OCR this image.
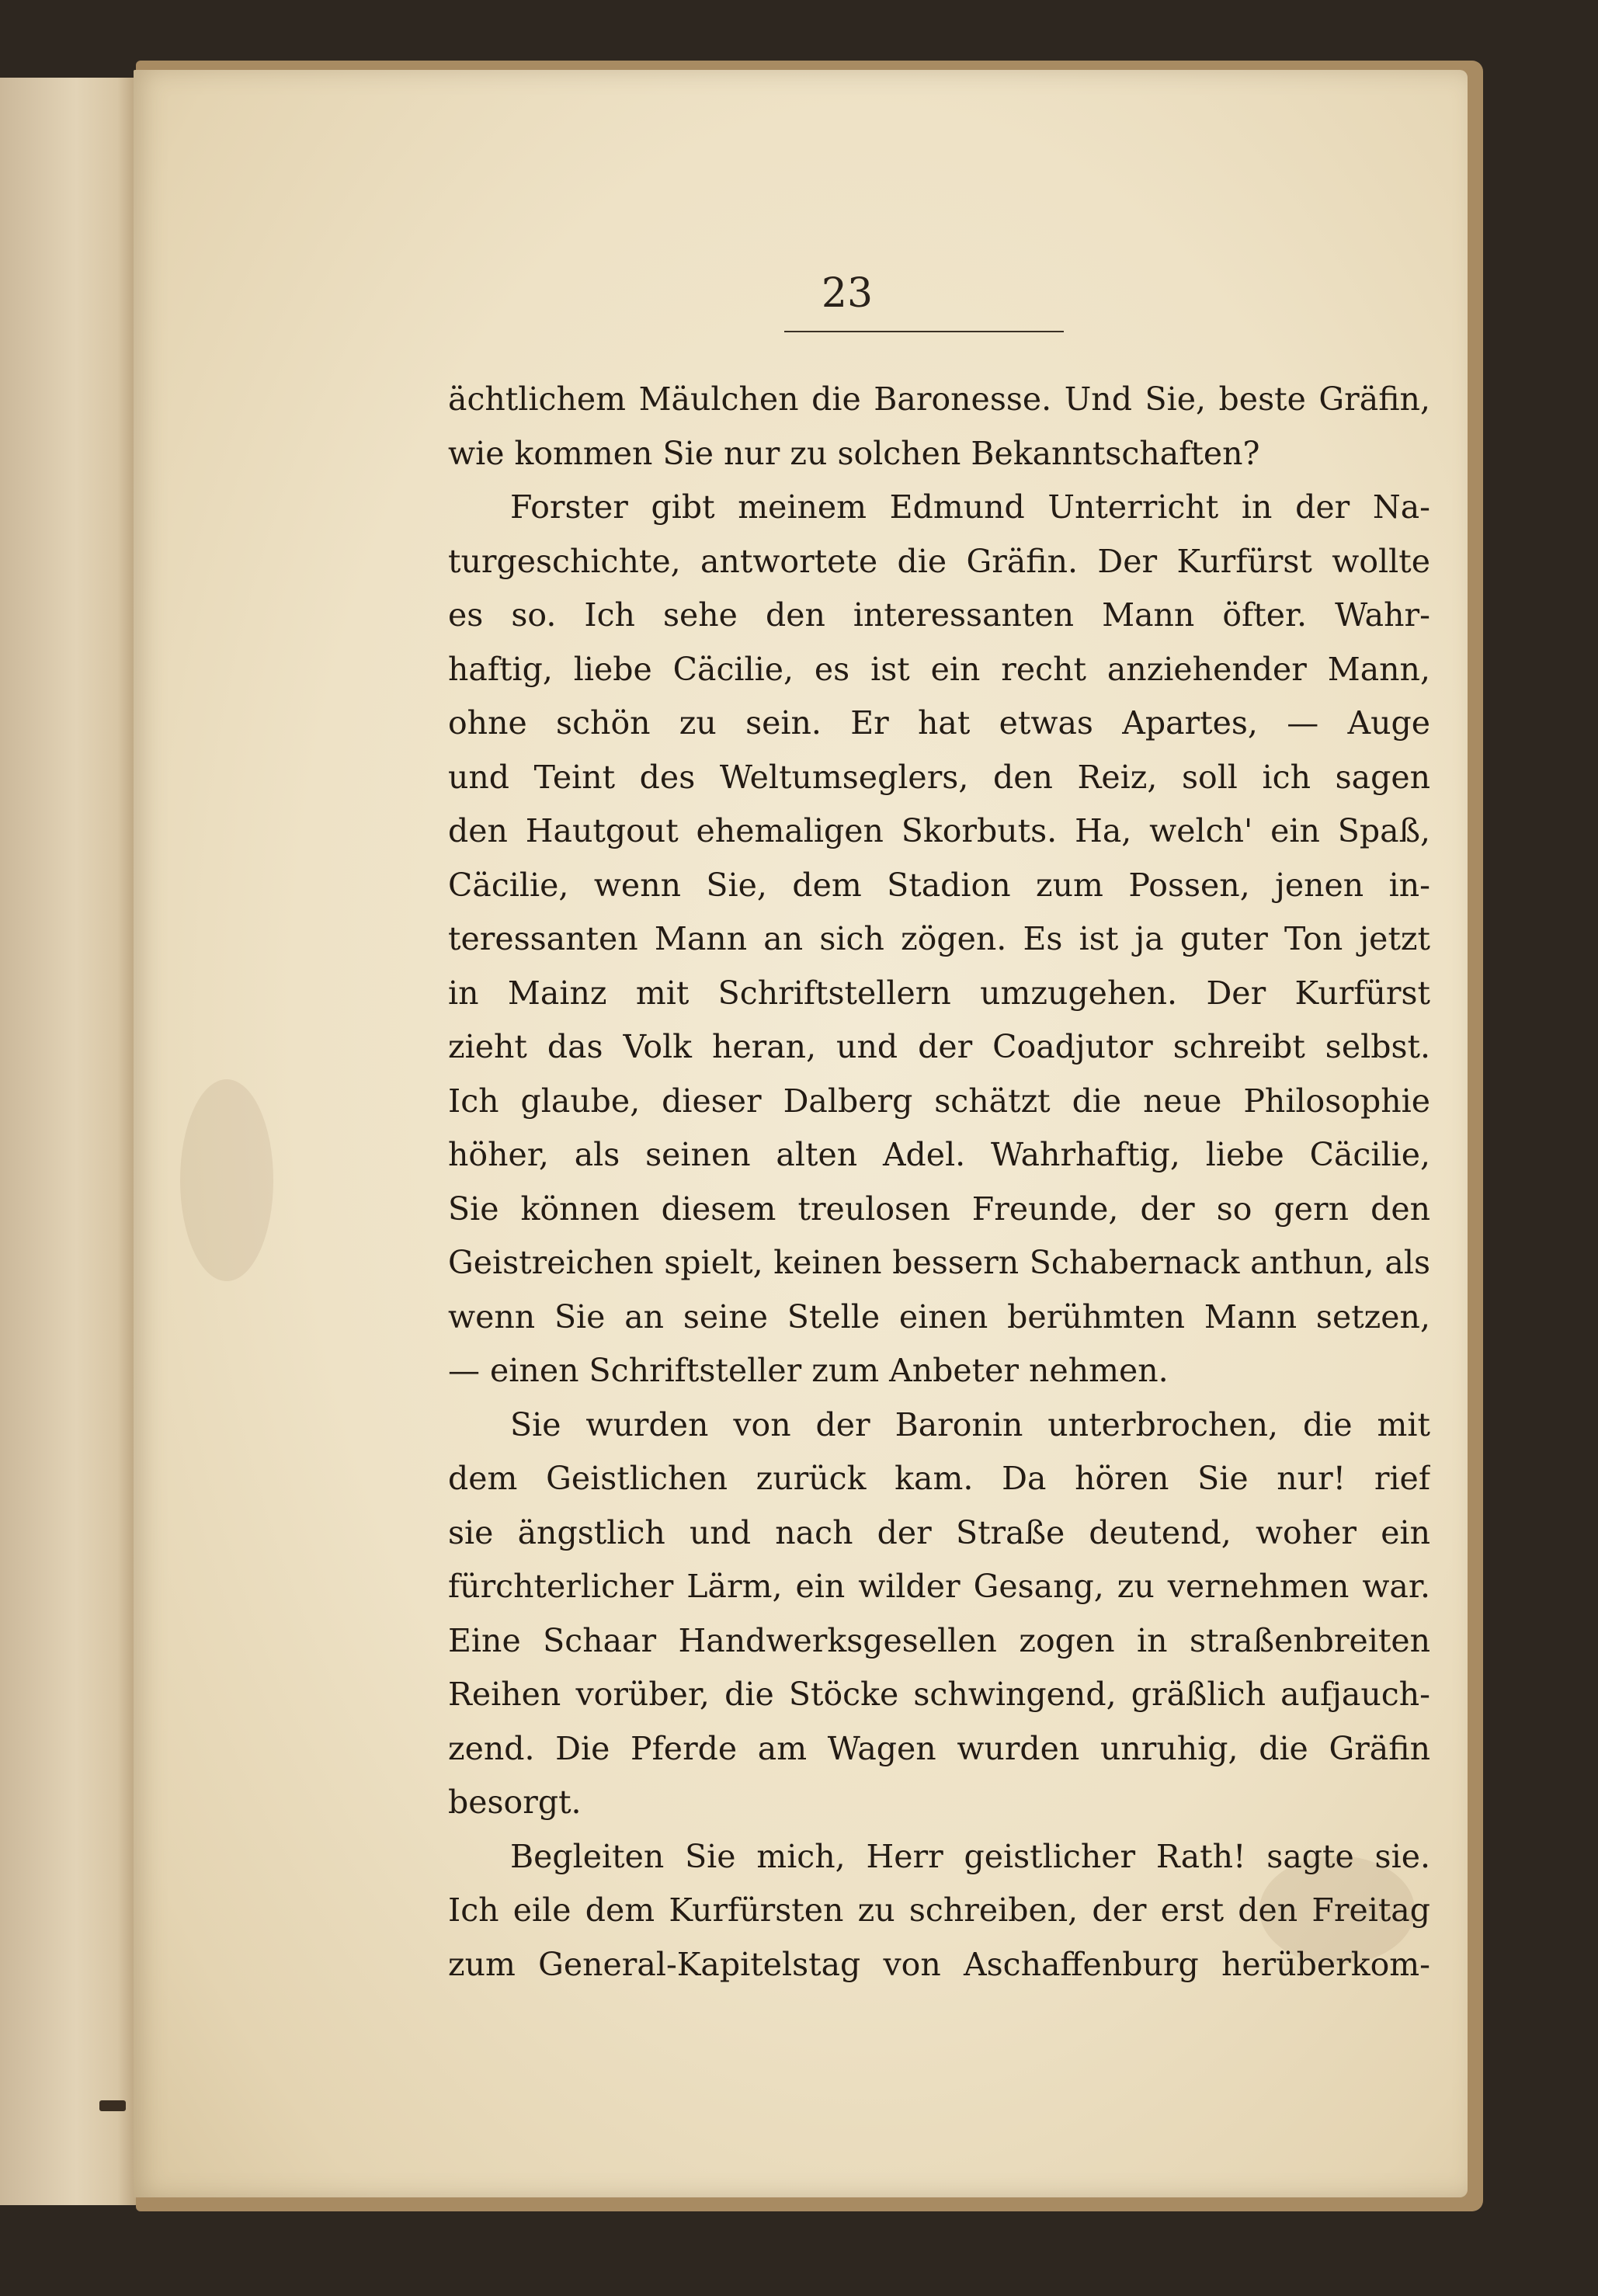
23
ächtlichem Mäulchen die Baronesse. Und Sie, beste Gräfin,
wie kommen Sie nur zu solchen Bekanntschaften?
Forster gibt meinem Edmund Unterricht in der Na-
turgeschichte, antwortete die Gräfin. Der Kurfürst wollte
es so. Ich sehe den interessanten Mann öfter. Wahr-
haftig, liebe Cäcilie, es ist ein recht anziehender Mann,
ohne schön zu sein. Er hat etwas Apartes, — Auge
und Teint des Weltumseglers, den Reiz, soll ich sagen
den Hautgout ehemaligen Skorbuts. Ha, welch' ein Spaß,
Cäcilie, wenn Sie, dem Stadion zum Possen, jenen in-
teressanten Mann an sich zögen. Es ist ja guter Ton jetzt
in Mainz mit Schriftstellern umzugehen. Der Kurfürst
zieht das Volk heran, und der Coadjutor schreibt selbst.
Ich glaube, dieser Dalberg schätzt die neue Philosophie
höher, als seinen alten Adel. Wahrhaftig, liebe Cäcilie,
Sie können diesem treulosen Freunde, der so gern den
Geistreichen spielt, keinen bessern Schabernack anthun, als
wenn Sie an seine Stelle einen berühmten Mann setzen,
— einen Schriftsteller zum Anbeter nehmen.
Sie wurden von der Baronin unterbrochen, die mit
dem Geistlichen zurück kam. Da hören Sie nur! rief
sie ängstlich und nach der Straße deutend, woher ein
fürchterlicher Lärm, ein wilder Gesang, zu vernehmen war.
Eine Schaar Handwerksgesellen zogen in straßenbreiten
Reihen vorüber, die Stöcke schwingend, gräßlich aufjauch-
zend. Die Pferde am Wagen wurden unruhig, die Gräfin
besorgt.
Begleiten Sie mich, Herr geistlicher Rath! sagte sie.
Ich eile dem Kurfürsten zu schreiben, der erst den Freitag
zum General-Kapitelstag von Aschaffenburg herüberkom-
